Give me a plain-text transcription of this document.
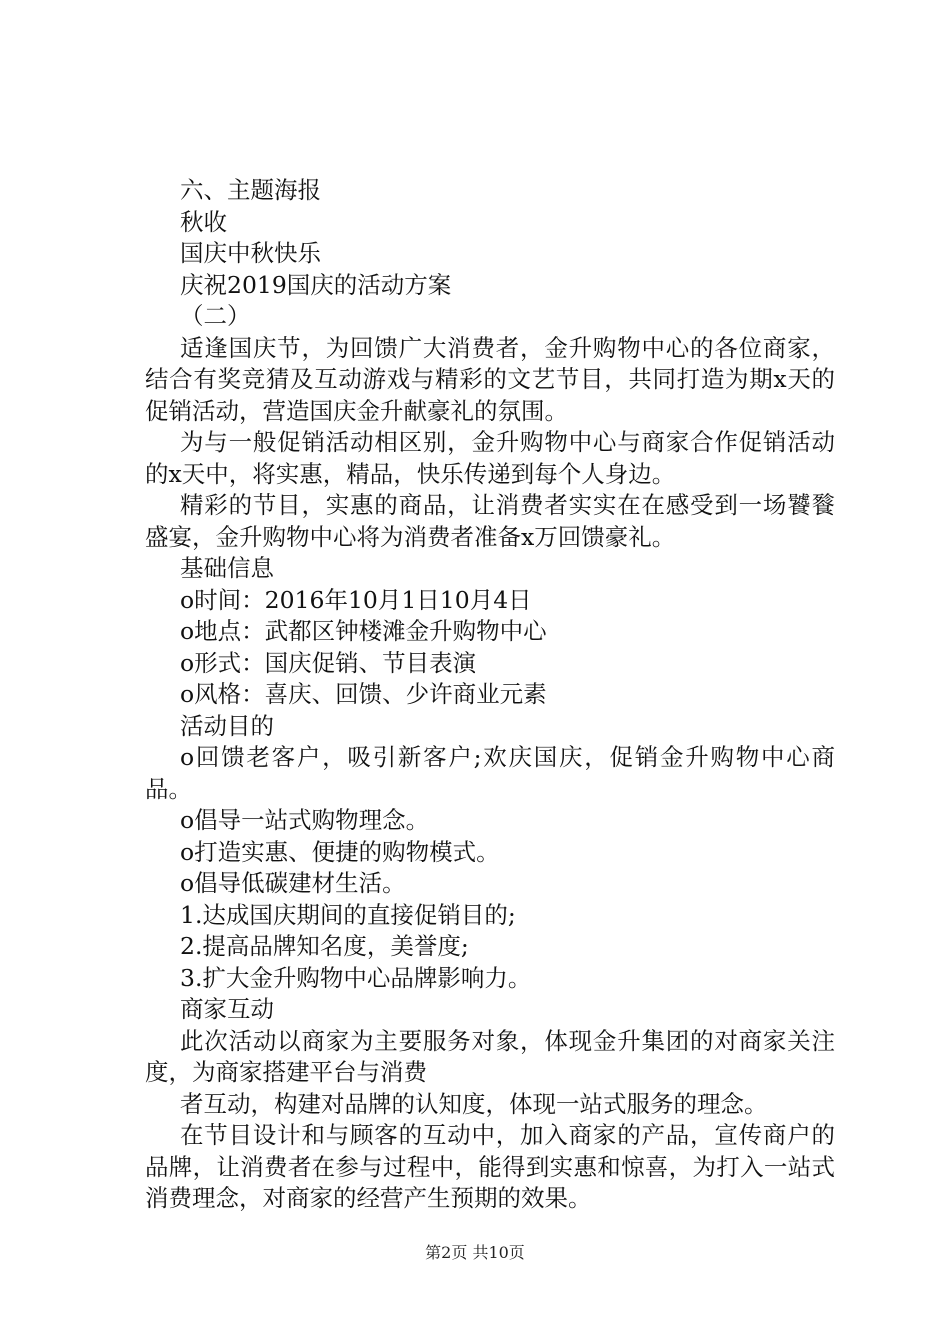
六、主题海报
秋收
国庆中秋快乐
庆祝2019国庆的活动方案
（二）

适逢国庆节，为回馈广大消费者，金升购物中心的各位商家，结合有奖竞猜及互动游戏与精彩的文艺节目，共同打造为期x天的促销活动，营造国庆金升献豪礼的氛围。

为与一般促销活动相区别，金升购物中心与商家合作促销活动的x天中，将实惠，精品，快乐传递到每个人身边。

精彩的节目，实惠的商品，让消费者实实在在感受到一场饕餮盛宴，金升购物中心将为消费者准备x万回馈豪礼。

基础信息
o时间：2016年10月1日10月4日
o地点：武都区钟楼滩金升购物中心
o形式：国庆促销、节目表演
o风格：喜庆、回馈、少许商业元素
活动目的

o回馈老客户，吸引新客户;欢庆国庆，促销金升购物中心商品。

o倡导一站式购物理念。
o打造实惠、便捷的购物模式。
o倡导低碳建材生活。
1.达成国庆期间的直接促销目的;
2.提高品牌知名度，美誉度;
3.扩大金升购物中心品牌影响力。
商家互动

此次活动以商家为主要服务对象，体现金升集团的对商家关注度，为商家搭建平台与消费

者互动，构建对品牌的认知度，体现一站式服务的理念。

在节目设计和与顾客的互动中，加入商家的产品，宣传商户的品牌，让消费者在参与过程中，能得到实惠和惊喜，为打入一站式消费理念，对商家的经营产生预期的效果。

第2页 共10页
